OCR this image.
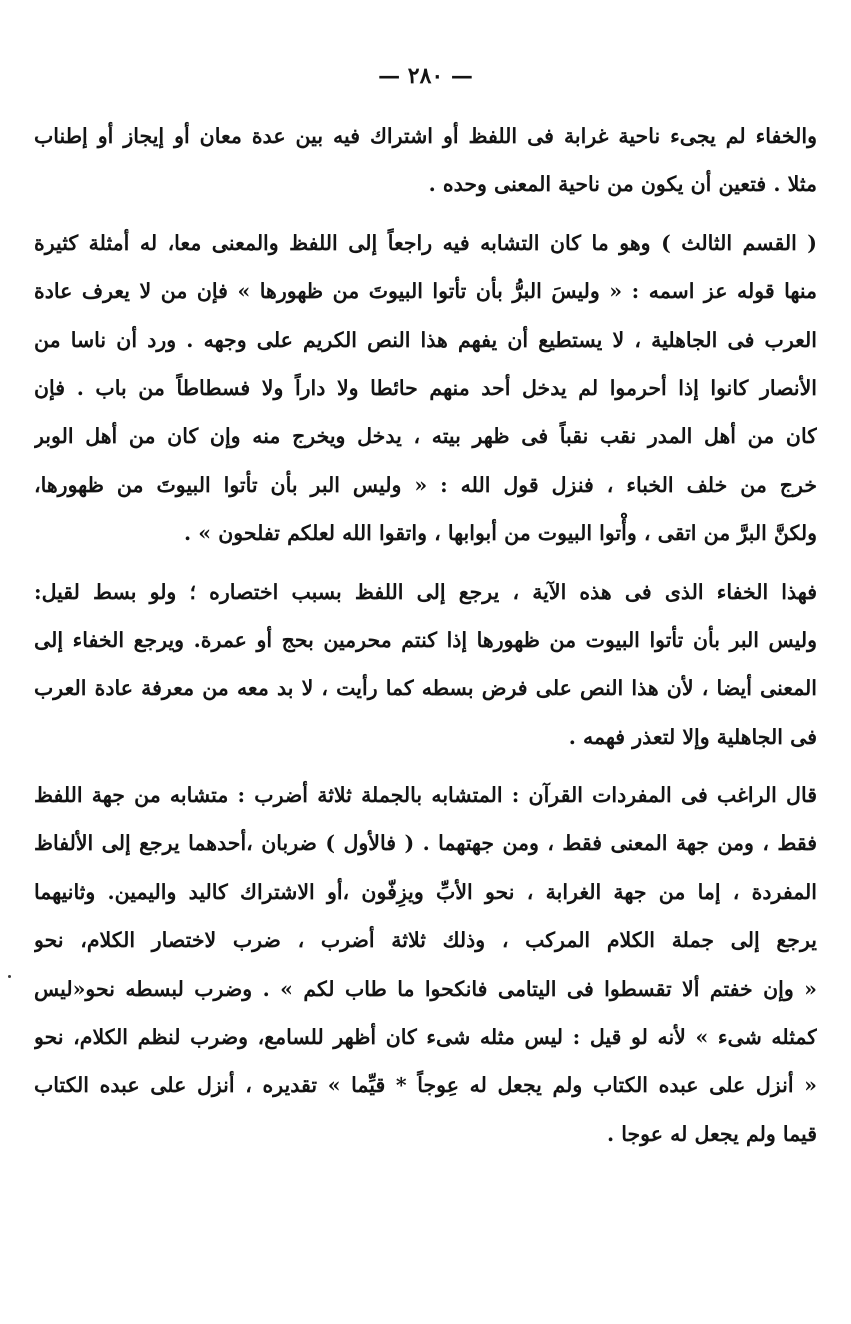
— ٢٨٠ —
والخفاء لم يجىء ناحية غرابة فى اللفظ أو اشتراك فيه بين عدة معان أو إيجاز أو إطناب
مثلا . فتعين أن يكون من ناحية المعنى وحده .
( القسم الثالث ) وهو ما كان التشابه فيه راجعاً إلى اللفظ والمعنى معا، له أمثلة كثيرة
منها قوله عز اسمه : « وليسَ البرُّ بأن تأتوا البيوتَ من ظهورها » فإن من لا يعرف عادة
العرب فى الجاهلية ، لا يستطيع أن يفهم هذا النص الكريم على وجهه . ورد أن ناسا من
الأنصار كانوا إذا أحرموا لم يدخل أحد منهم حائطا ولا داراً ولا فسطاطاً من باب . فإن
كان من أهل المدر نقب نقباً فى ظهر بيته ، يدخل ويخرج منه وإن كان من أهل الوبر
خرج من خلف الخباء ، فنزل قول الله : « وليس البر بأن تأتوا البيوتَ من ظهورها،
ولكنَّ البرَّ من اتقى ، وأْتوا البيوت من أبوابها ، واتقوا الله لعلكم تفلحون » .
فهذا الخفاء الذى فى هذه الآية ، يرجع إلى اللفظ بسبب اختصاره ؛ ولو بسط لقيل:
وليس البر بأن تأتوا البيوت من ظهورها إذا كنتم محرمين بحج أو عمرة. ويرجع الخفاء إلى
المعنى أيضا ، لأن هذا النص على فرض بسطه كما رأيت ، لا بد معه من معرفة عادة العرب
فى الجاهلية وإلا لتعذر فهمه .
قال الراغب فى المفردات القرآن : المتشابه بالجملة ثلاثة أضرب : متشابه من جهة اللفظ
فقط ، ومن جهة المعنى فقط ، ومن جهتهما . ( فالأول ) ضربان ،أحدهما يرجع إلى الألفاظ
المفردة ، إما من جهة الغرابة ، نحو الأبِّ ويزِفّون ،أو الاشتراك كاليد واليمين. وثانيهما
يرجع إلى جملة الكلام المركب ، وذلك ثلاثة أضرب ، ضرب لاختصار الكلام، نحو
« وإن خفتم ألا تقسطوا فى اليتامى فانكحوا ما طاب لكم » . وضرب لبسطه نحو«ليس
كمثله شىء » لأنه لو قيل : ليس مثله شىء كان أظهر للسامع، وضرب لنظم الكلام، نحو
« أنزل على عبده الكتاب ولم يجعل له عِوجاً * قيِّما » تقديره ، أنزل على عبده الكتاب
قيما ولم يجعل له عوجا .
